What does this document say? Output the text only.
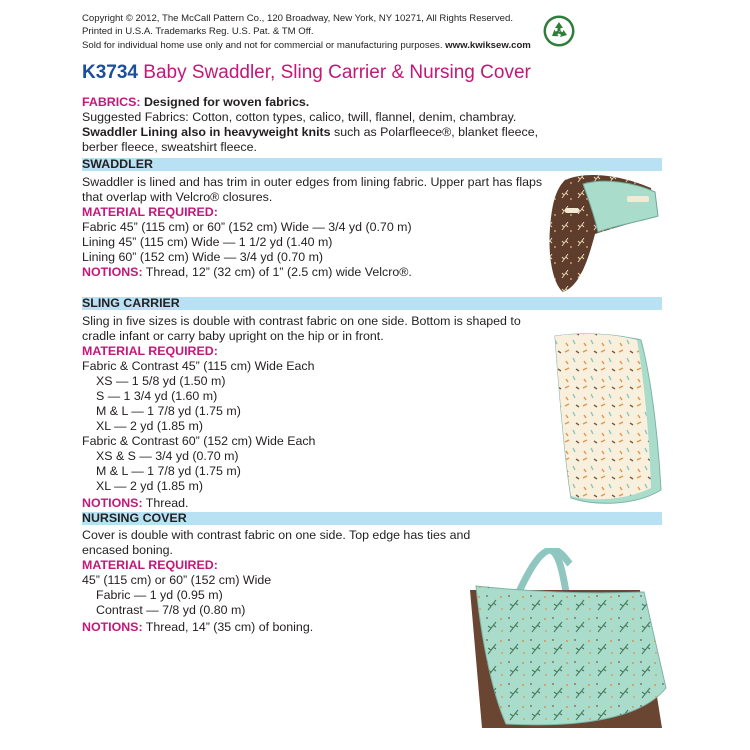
Copyright © 2012, The McCall Pattern Co., 120 Broadway, New York, NY 10271, All Rights Reserved.
Printed in U.S.A. Trademarks Reg. U.S. Pat. & TM Off.
Sold for individual home use only and not for commercial or manufacturing purposes. www.kwiksew.com
K3734 Baby Swaddler, Sling Carrier & Nursing Cover
FABRICS: Designed for woven fabrics.
Suggested Fabrics: Cotton, cotton types, calico, twill, flannel, denim, chambray.
Swaddler Lining also in heavyweight knits such as Polarfleece®, blanket fleece,
berber fleece, sweatshirt fleece.
SWADDLER
Swaddler is lined and has trim in outer edges from lining fabric. Upper part has flaps
that overlap with Velcro® closures.
MATERIAL REQUIRED:
Fabric 45” (115 cm) or 60” (152 cm) Wide — 3/4 yd (0.70 m)
Lining 45” (115 cm) Wide — 1 1/2 yd (1.40 m)
Lining 60” (152 cm) Wide — 3/4 yd (0.70 m)
NOTIONS: Thread, 12” (32 cm) of 1” (2.5 cm) wide Velcro®.
SLING CARRIER
Sling in five sizes is double with contrast fabric on one side. Bottom is shaped to
cradle infant or carry baby upright on the hip or in front.
MATERIAL REQUIRED:
Fabric & Contrast 45” (115 cm) Wide Each
XS — 1 5/8 yd (1.50 m)
S — 1 3/4 yd (1.60 m)
M & L — 1 7/8 yd (1.75 m)
XL — 2 yd (1.85 m)
Fabric & Contrast 60” (152 cm) Wide Each
XS & S — 3/4 yd (0.70 m)
M & L — 1 7/8 yd (1.75 m)
XL — 2 yd (1.85 m)
NOTIONS: Thread.
NURSING COVER
Cover is double with contrast fabric on one side. Top edge has ties and
encased boning.
MATERIAL REQUIRED:
45” (115 cm) or 60” (152 cm) Wide
Fabric — 1 yd (0.95 m)
Contrast — 7/8 yd (0.80 m)
NOTIONS: Thread, 14” (35 cm) of boning.
